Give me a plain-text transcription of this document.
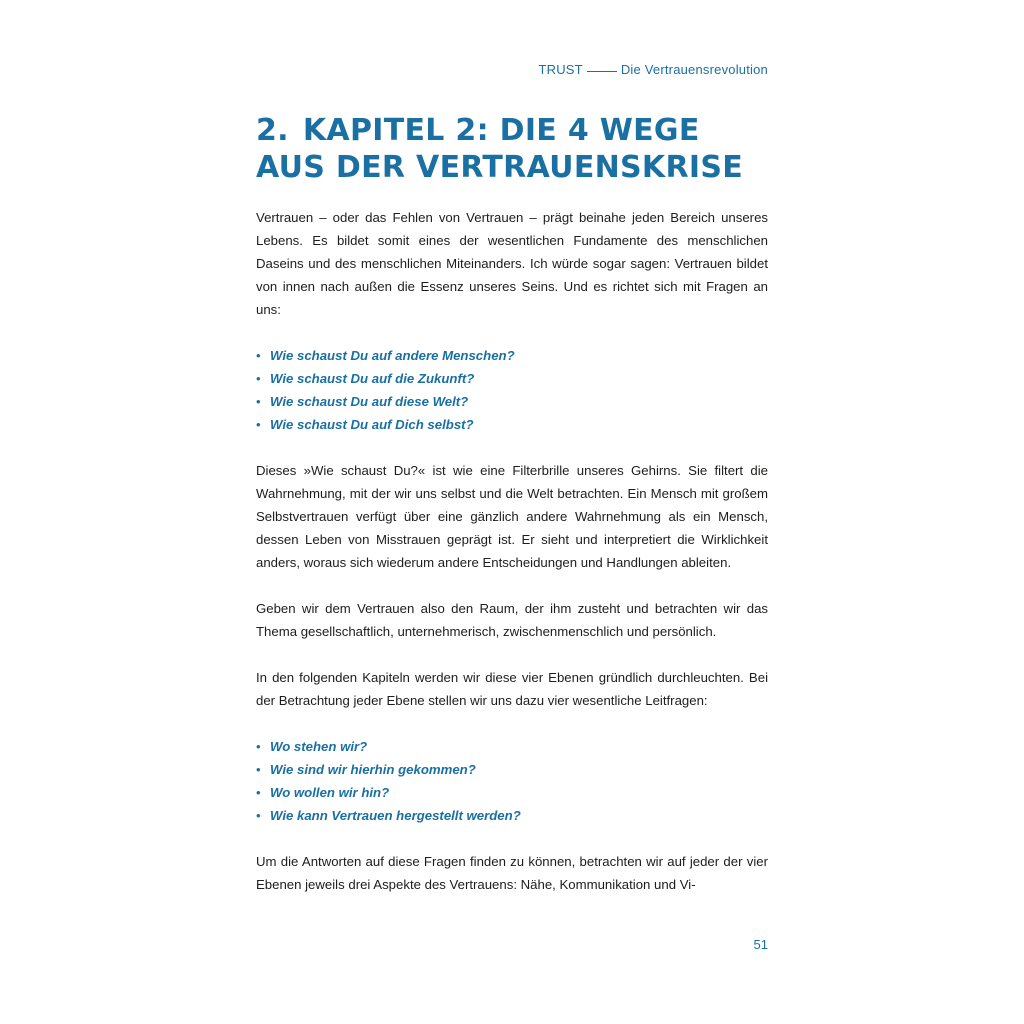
TRUST	Die Vertrauensrevolution
2. KAPITEL 2: DIE 4 WEGE AUS DER VERTRAUENSKRISE

Vertrauen – oder das Fehlen von Vertrauen – prägt beinahe jeden Bereich unseres Lebens. Es bildet somit eines der wesentlichen Fundamente des menschlichen Daseins und des menschlichen Miteinanders. Ich würde sogar sagen: Vertrauen bildet von innen nach außen die Essenz unseres Seins. Und es richtet sich mit Fragen an uns:

• Wie schaust Du auf andere Menschen?
• Wie schaust Du auf die Zukunft?
• Wie schaust Du auf diese Welt?
• Wie schaust Du auf Dich selbst?

Dieses »Wie schaust Du?« ist wie eine Filterbrille unseres Gehirns. Sie filtert die Wahrnehmung, mit der wir uns selbst und die Welt betrachten. Ein Mensch mit großem Selbstvertrauen verfügt über eine gänzlich andere Wahrnehmung als ein Mensch, dessen Leben von Misstrauen geprägt ist. Er sieht und interpretiert die Wirklichkeit anders, woraus sich wiederum andere Entscheidungen und Handlungen ableiten.

Geben wir dem Vertrauen also den Raum, der ihm zusteht und betrachten wir das Thema gesellschaftlich, unternehmerisch, zwischenmenschlich und persönlich.

In den folgenden Kapiteln werden wir diese vier Ebenen gründlich durchleuchten. Bei der Betrachtung jeder Ebene stellen wir uns dazu vier wesentliche Leitfragen:

• Wo stehen wir?
• Wie sind wir hierhin gekommen?
• Wo wollen wir hin?
• Wie kann Vertrauen hergestellt werden?

Um die Antworten auf diese Fragen finden zu können, betrachten wir auf jeder der vier Ebenen jeweils drei Aspekte des Vertrauens: Nähe, Kommunikation und Vi-

51
